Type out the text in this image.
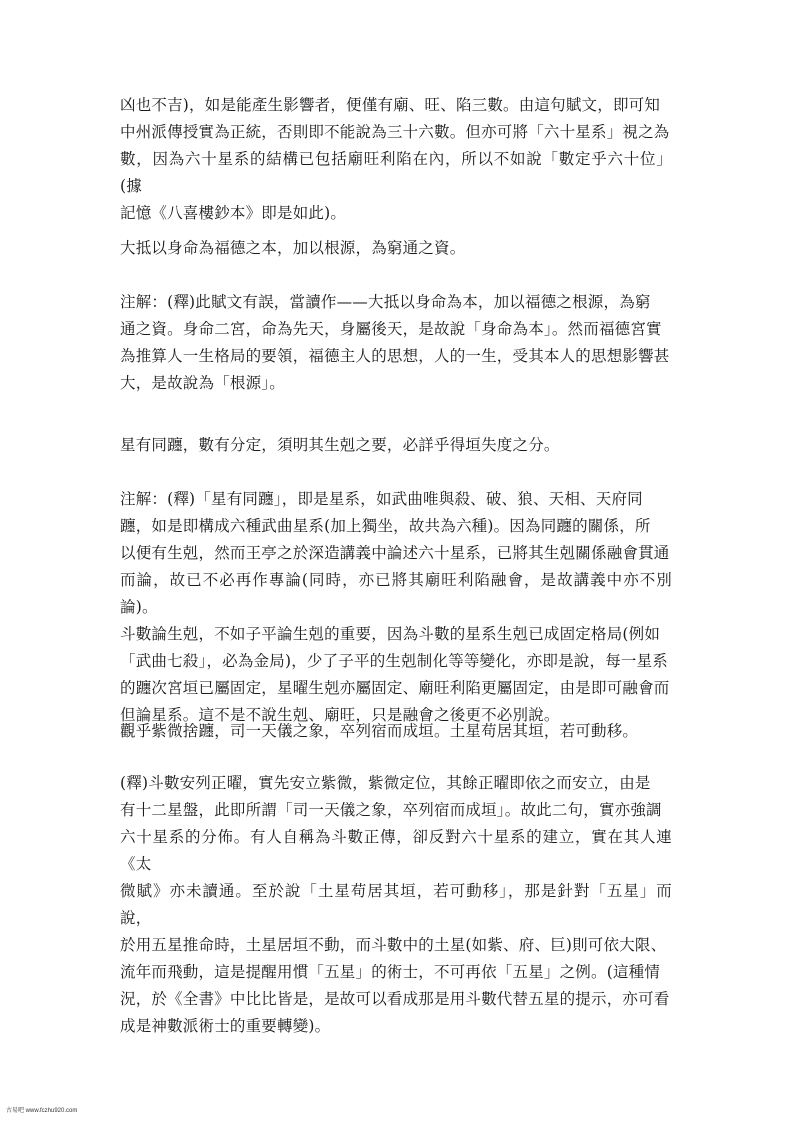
凶也不吉)，如是能產生影響者，便僅有廟、旺、陷三數。由這句賦文，即可知
中州派傳授實為正統，否則即不能說為三十六數。但亦可將「六十星系」視之為
數，因為六十星系的結構已包括廟旺利陷在內，所以不如說「數定乎六十位」(據
記憶《八喜樓鈔本》即是如此)。

大抵以身命為福德之本，加以根源，為窮通之資。

注解：(釋)此賦文有誤，當讀作——大抵以身命為本，加以福德之根源，為窮
通之資。身命二宮，命為先天，身屬後天，是故說「身命為本」。然而福德宮實
為推算人一生格局的要領，福德主人的思想，人的一生，受其本人的思想影響甚
大，是故說為「根源」。

星有同躔，數有分定，須明其生剋之要，必詳乎得垣失度之分。

注解：(釋)「星有同躔」，即是星系，如武曲唯與殺、破、狼、天相、天府同
躔，如是即構成六種武曲星系(加上獨坐，故共為六種)。因為同躔的關係，所
以便有生剋，然而王亭之於深造講義中論述六十星系，已將其生剋關係融會貫通
而論，故已不必再作專論(同時，亦已將其廟旺利陷融會，是故講義中亦不別論)。
斗數論生剋，不如子平論生剋的重要，因為斗數的星系生剋已成固定格局(例如
「武曲七殺」，必為金局)，少了子平的生剋制化等等變化，亦即是說，每一星系
的躔次宮垣已屬固定，星曜生剋亦屬固定、廟旺利陷更屬固定，由是即可融會而
但論星系。這不是不說生剋、廟旺，只是融會之後更不必別說。

觀乎紫微捨躔，司一天儀之象，卒列宿而成垣。土星苟居其垣，若可動移。

(釋)斗數安列正曜，實先安立紫微，紫微定位，其餘正曜即依之而安立，由是
有十二星盤，此即所謂「司一天儀之象，卒列宿而成垣」。故此二句，實亦強調
六十星系的分佈。有人自稱為斗數正傳，卻反對六十星系的建立，實在其人連《太
微賦》亦未讀通。至於說「土星苟居其垣，若可動移」，那是針對「五星」而說，
於用五星推命時，土星居垣不動，而斗數中的土星(如紫、府、巨)則可依大限、
流年而飛動，這是提醒用慣「五星」的術士，不可再依「五星」之例。(這種情
況，於《全書》中比比皆是，是故可以看成那是用斗數代替五星的提示，亦可看
成是神數派術士的重要轉變)。

古易吧 www.fczhu920.com
